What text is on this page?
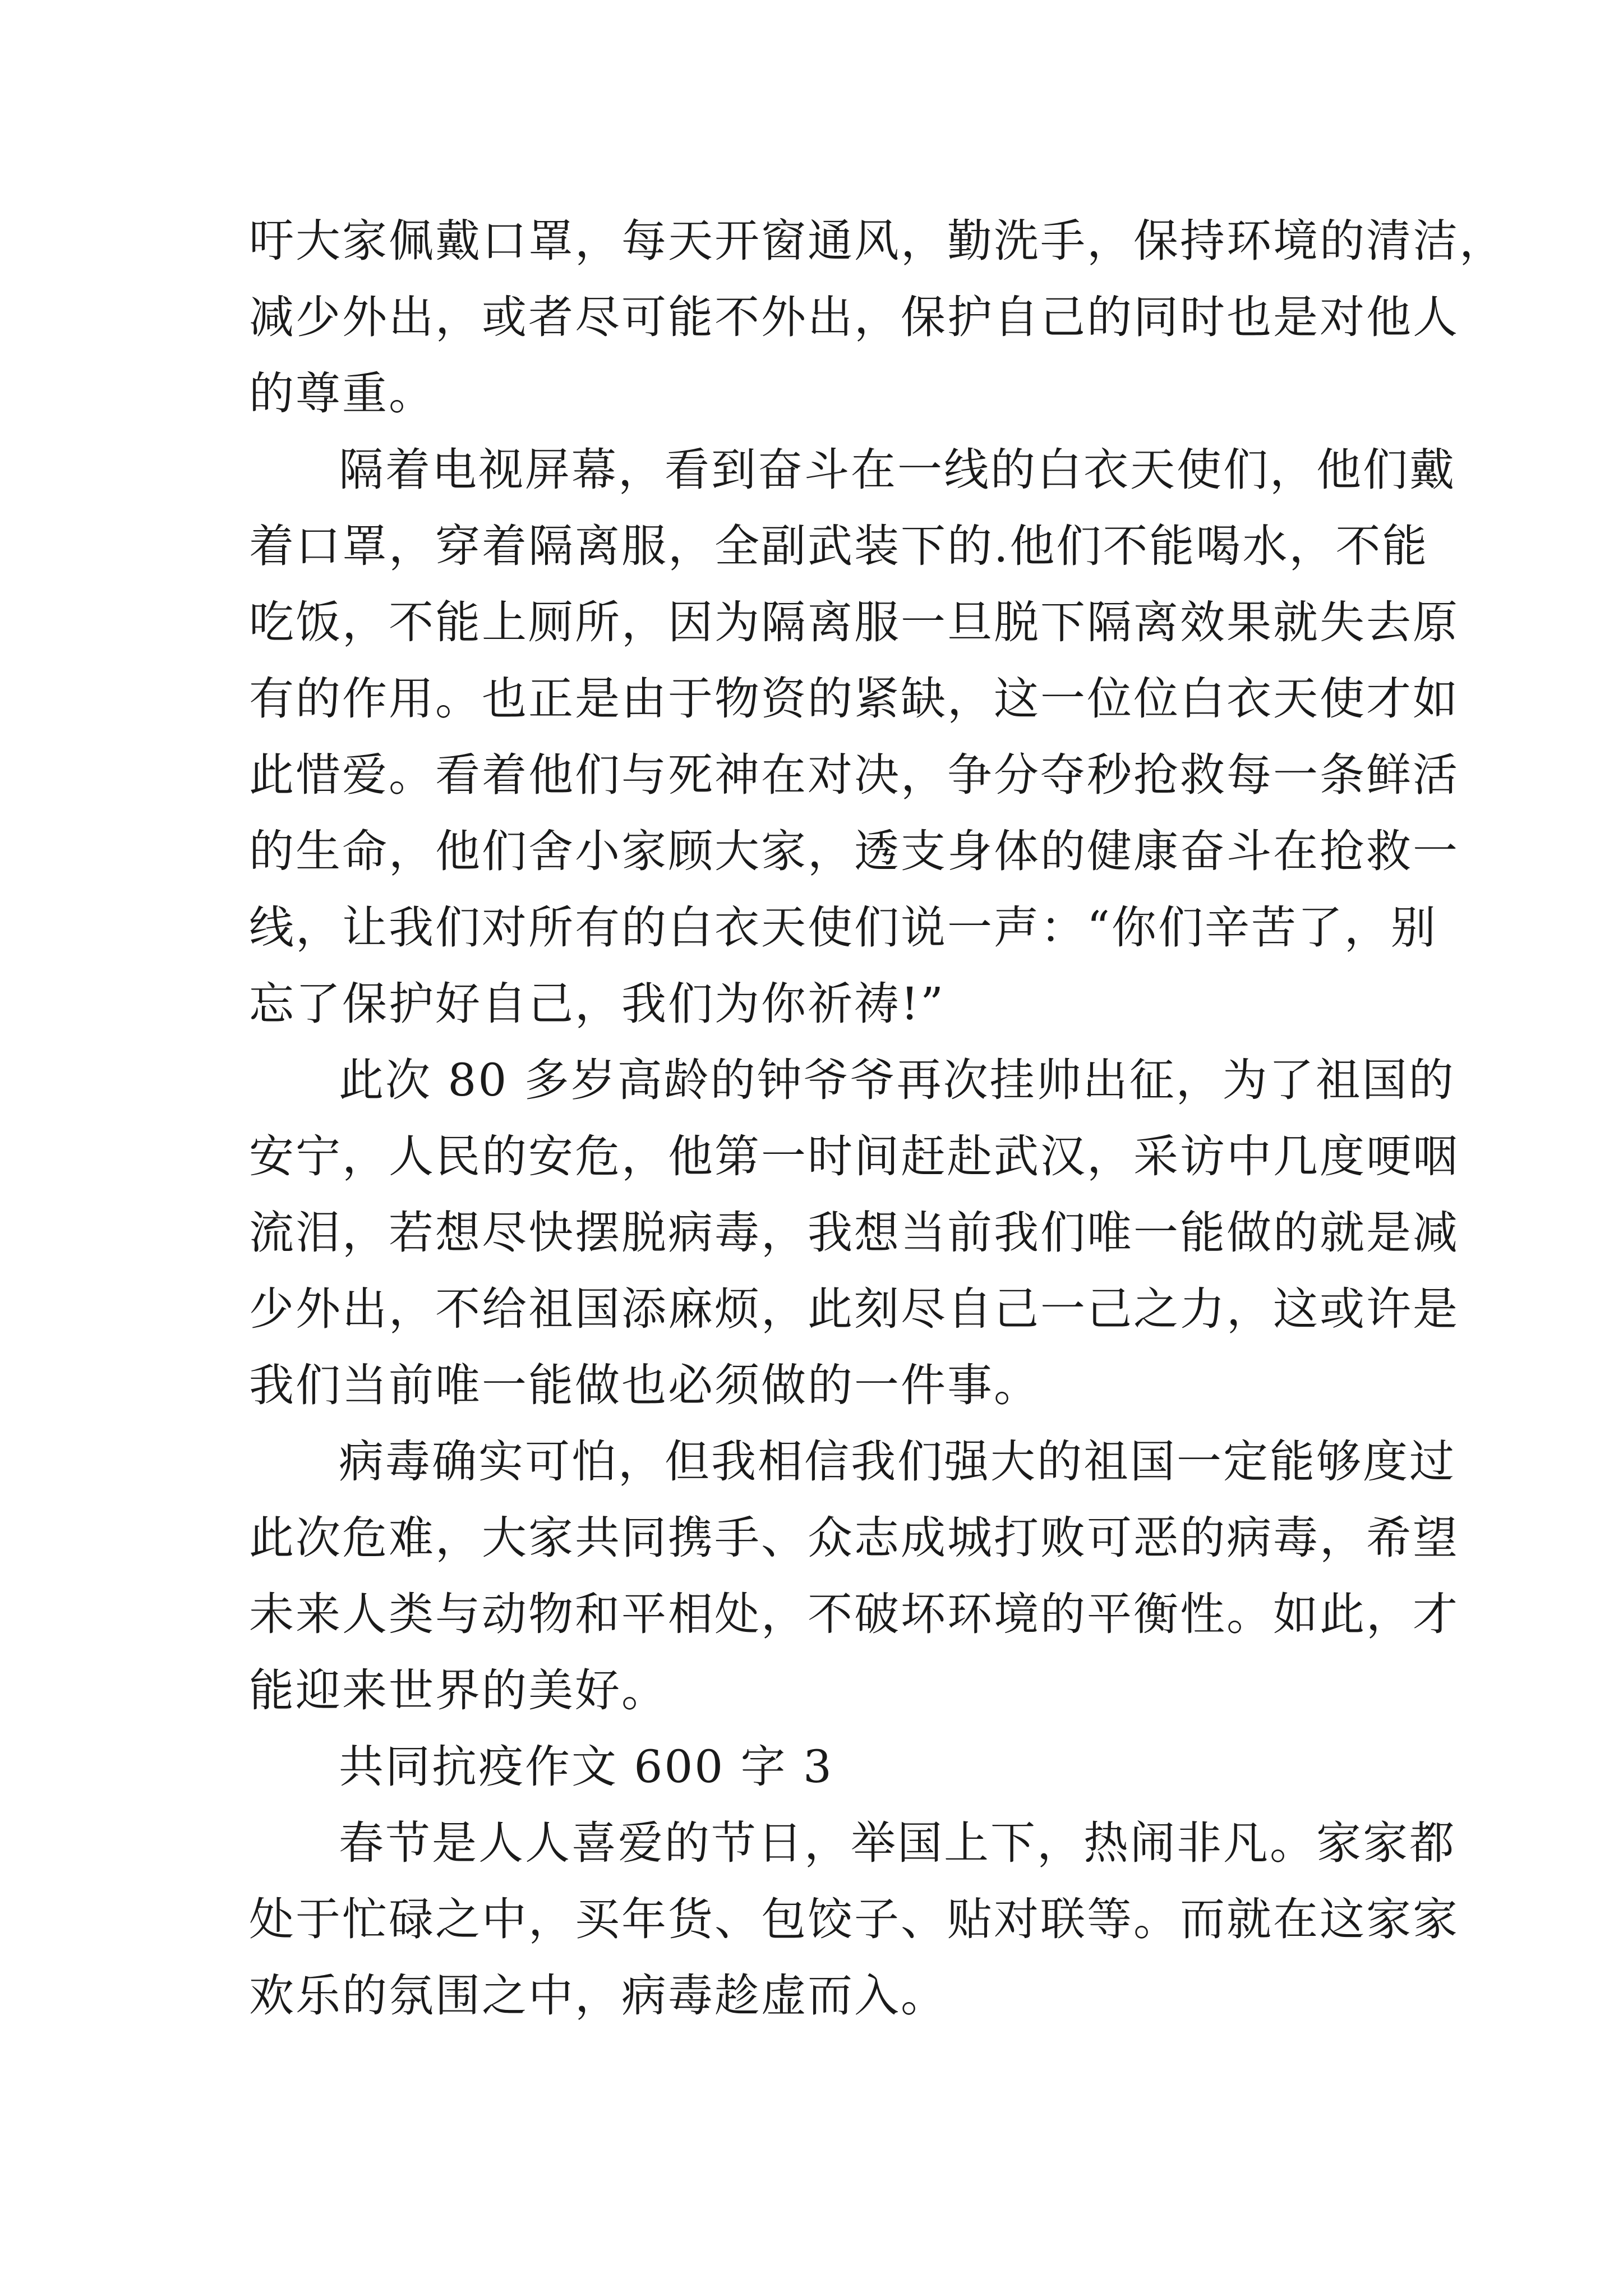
吁大家佩戴口罩，每天开窗通风，勤洗手，保持环境的清洁，
减少外出，或者尽可能不外出，保护自己的同时也是对他人
的尊重。
隔着电视屏幕，看到奋斗在一线的白衣天使们，他们戴
着口罩，穿着隔离服，全副武装下的.他们不能喝水，不能
吃饭，不能上厕所，因为隔离服一旦脱下隔离效果就失去原
有的作用。也正是由于物资的紧缺，这一位位白衣天使才如
此惜爱。看着他们与死神在对决，争分夺秒抢救每一条鲜活
的生命，他们舍小家顾大家，透支身体的健康奋斗在抢救一
线，让我们对所有的白衣天使们说一声：“你们辛苦了，别
忘了保护好自己，我们为你祈祷!”
此次 80 多岁高龄的钟爷爷再次挂帅出征，为了祖国的
安宁，人民的安危，他第一时间赶赴武汉，采访中几度哽咽
流泪，若想尽快摆脱病毒，我想当前我们唯一能做的就是减
少外出，不给祖国添麻烦，此刻尽自己一己之力，这或许是
我们当前唯一能做也必须做的一件事。
病毒确实可怕，但我相信我们强大的祖国一定能够度过
此次危难，大家共同携手、众志成城打败可恶的病毒，希望
未来人类与动物和平相处，不破坏环境的平衡性。如此，才
能迎来世界的美好。
共同抗疫作文 600 字 3
春节是人人喜爱的节日，举国上下，热闹非凡。家家都
处于忙碌之中，买年货、包饺子、贴对联等。而就在这家家
欢乐的氛围之中，病毒趁虚而入。
